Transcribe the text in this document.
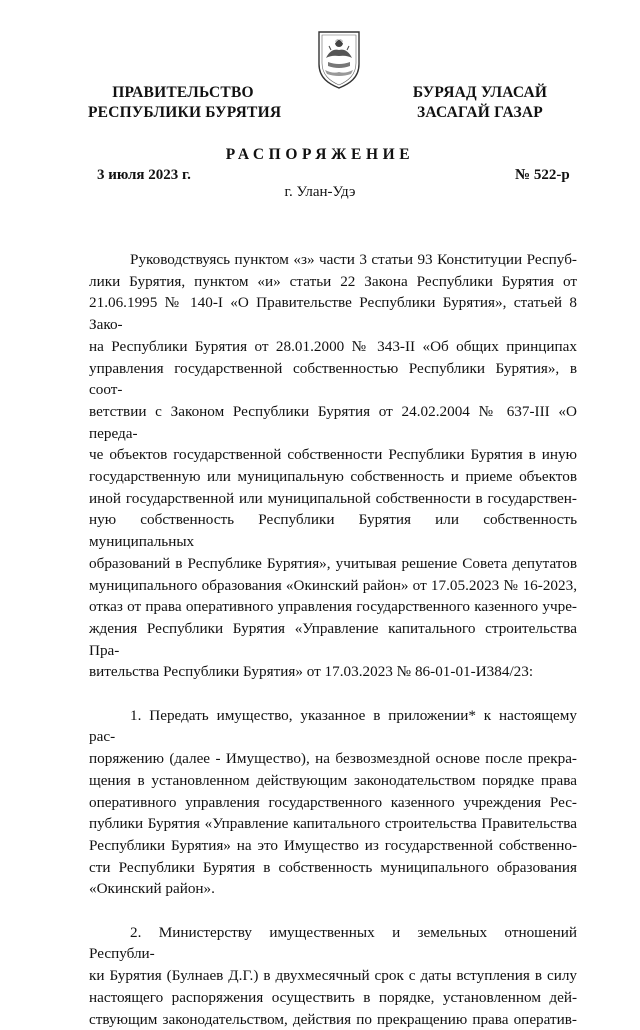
ПРАВИТЕЛЬСТВО
РЕСПУБЛИКИ БУРЯТИЯ
БУРЯАД УЛАСАЙ
ЗАСАГАЙ ГАЗАР
РАСПОРЯЖЕНИЕ
3 июля 2023 г.	№ 522-р
г. Улан-Удэ
Руководствуясь пунктом «з» части 3 статьи 93 Конституции Респуб-
лики Бурятия, пунктом «и» статьи 22 Закона Республики Бурятия от
21.06.1995 № 140-I «О Правительстве Республики Бурятия», статьей 8 Зако-
на Республики Бурятия от 28.01.2000 № 343-II «Об общих принципах
управления государственной собственностью Республики Бурятия», в соот-
ветствии с Законом Республики Бурятия от 24.02.2004 № 637-III «О переда-
че объектов государственной собственности Республики Бурятия в иную
государственную или муниципальную собственность и приеме объектов
иной государственной или муниципальной собственности в государствен-
ную собственность Республики Бурятия или собственность муниципальных
образований в Республике Бурятия», учитывая решение Совета депутатов
муниципального образования «Окинский район» от 17.05.2023 № 16-2023,
отказ от права оперативного управления государственного казенного учре-
ждения Республики Бурятия «Управление капитального строительства Пра-
вительства Республики Бурятия» от 17.03.2023 № 86-01-01-И384/23:
1. Передать имущество, указанное в приложении* к настоящему рас-
поряжению (далее - Имущество), на безвозмездной основе после прекра-
щения в установленном действующим законодательством порядке права
оперативного управления государственного казенного учреждения Рес-
публики Бурятия «Управление капитального строительства Правительства
Республики Бурятия» на это Имущество из государственной собственно-
сти Республики Бурятия в собственность муниципального образования
«Окинский район».
2. Министерству имущественных и земельных отношений Республи-
ки Бурятия (Булнаев Д.Г.) в двухмесячный срок с даты вступления в силу
настоящего распоряжения осуществить в порядке, установленном дей-
ствующим законодательством, действия по прекращению права оператив-
